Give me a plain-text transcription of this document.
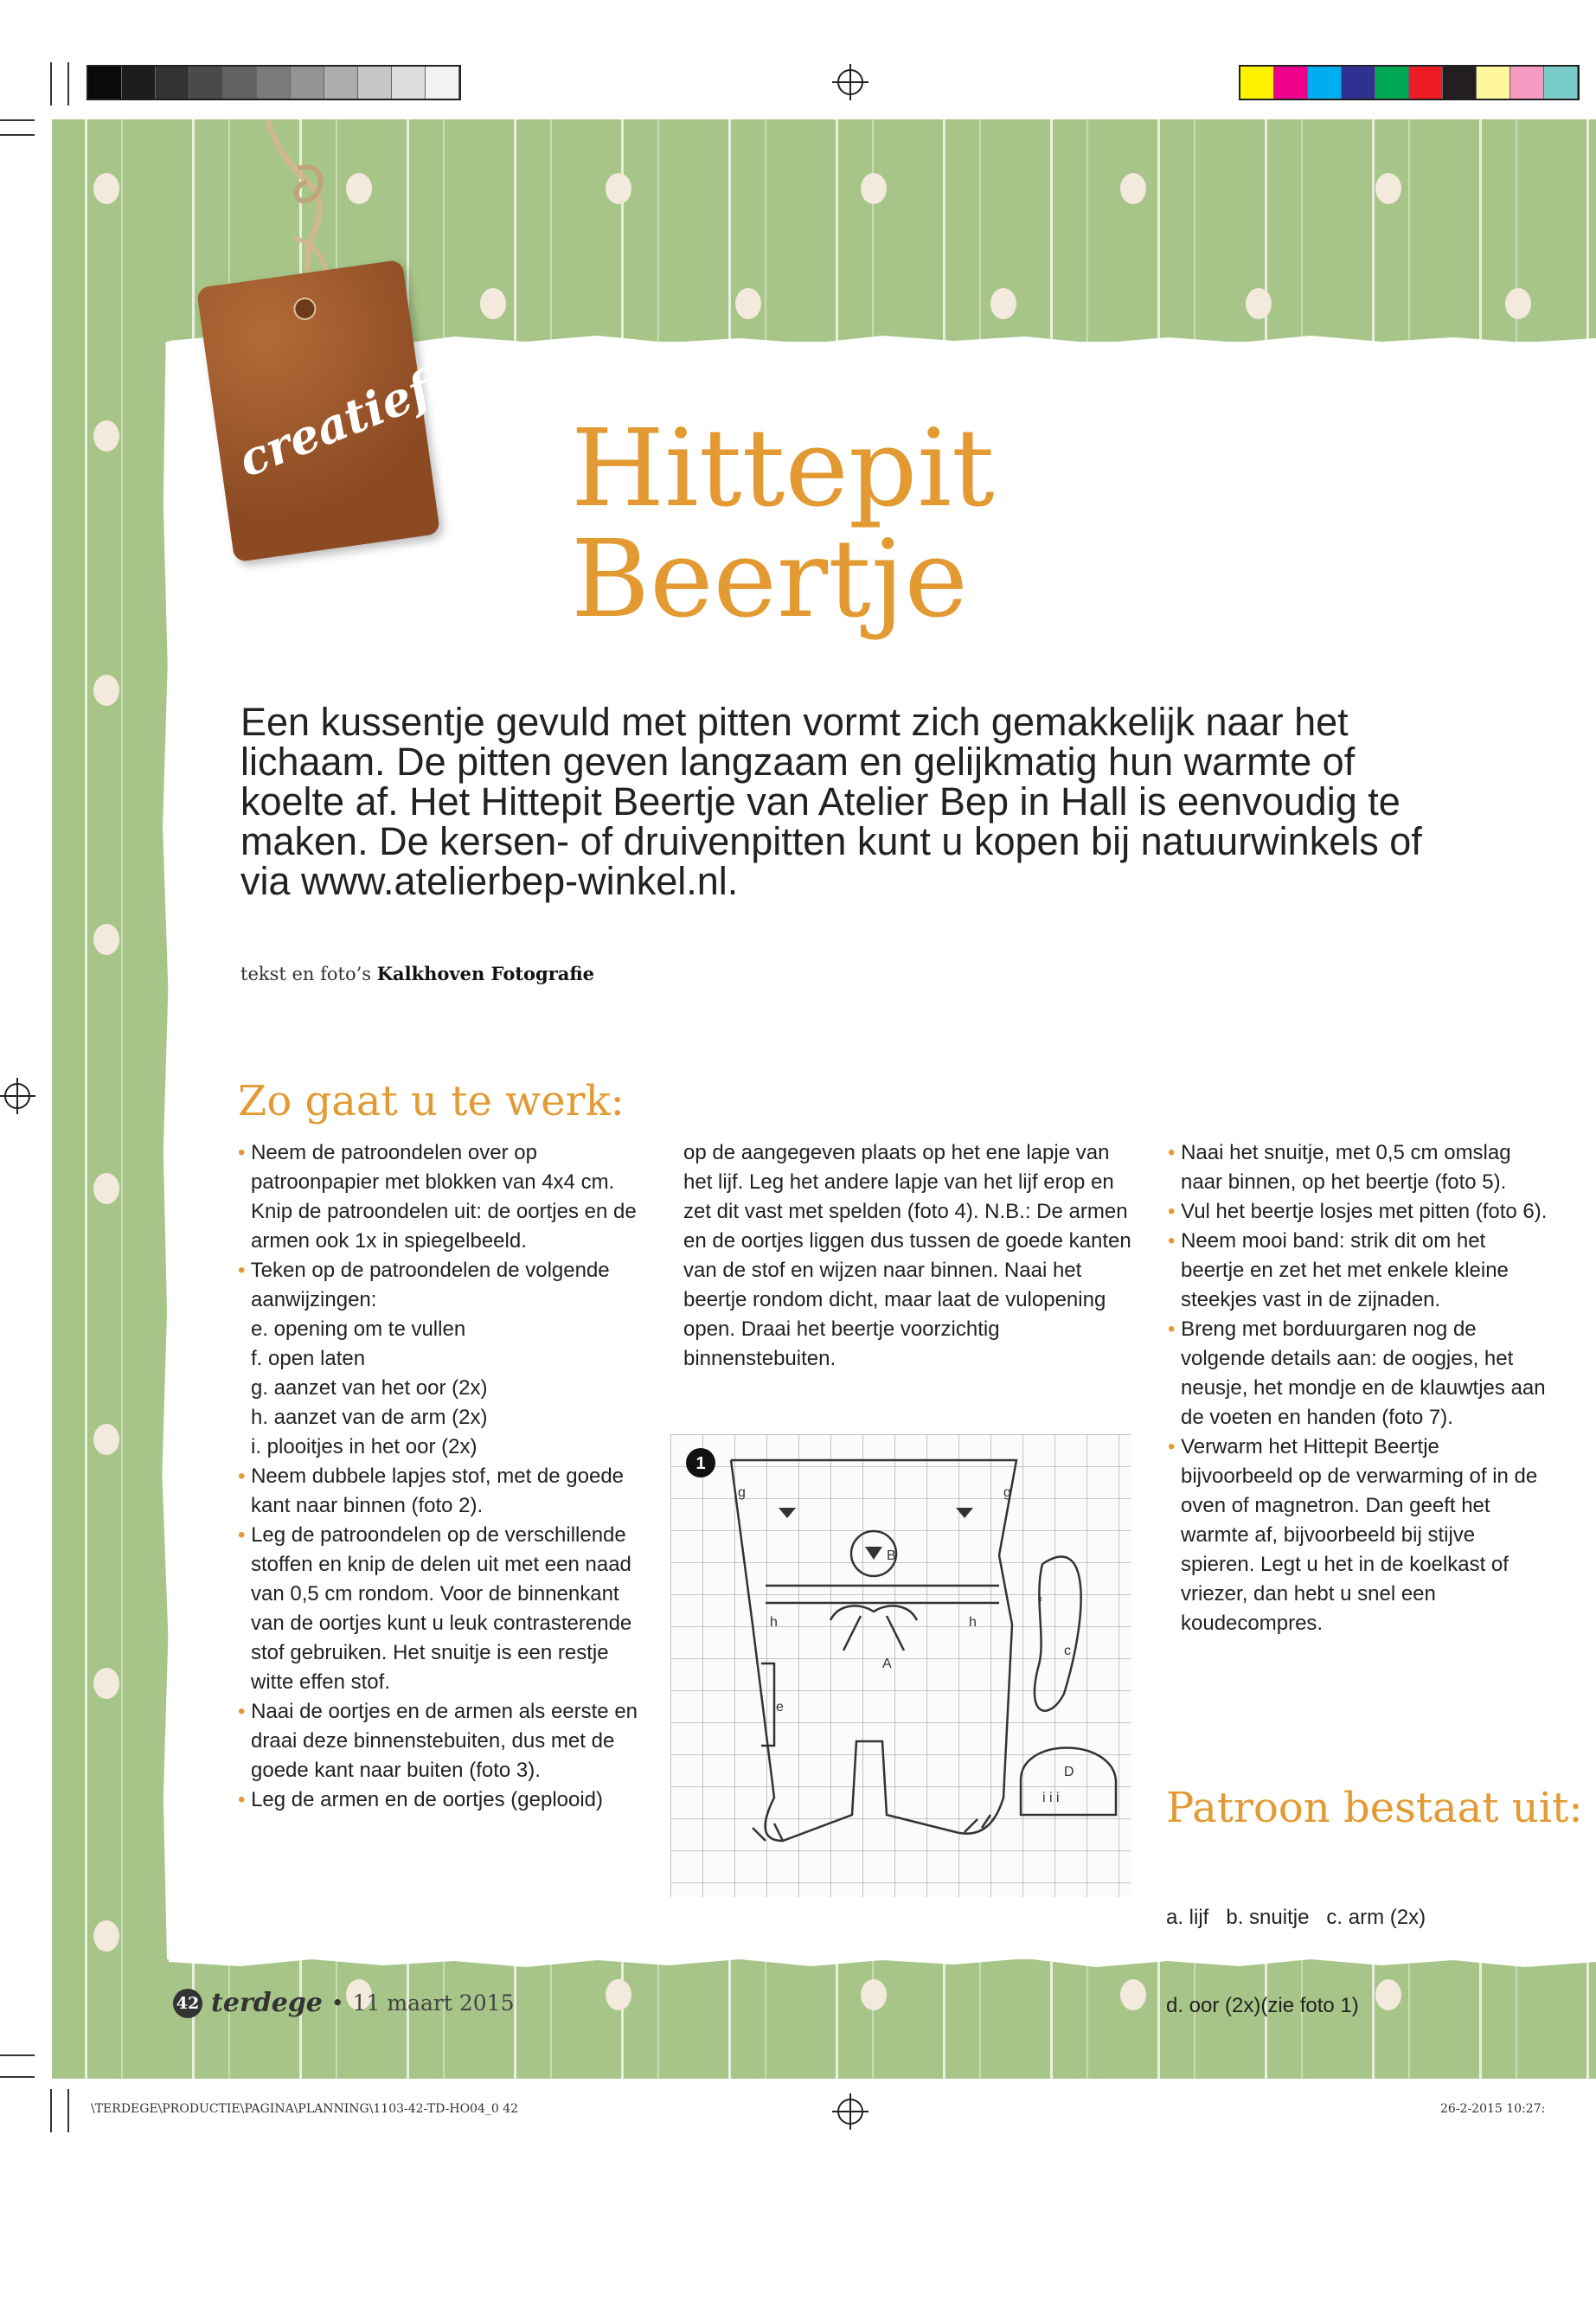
creatief Hittepit
Beertje

Een kussentje gevuld met pitten vormt zich gemakkelijk naar het lichaam. De pitten geven langzaam en gelijkmatig hun warmte of koelte af. Het Hittepit Beertje van Atelier Bep in Hall is eenvoudig te maken. De kersen- of druivenpitten kunt u kopen bij natuurwinkels of via www.atelierbep-winkel.nl.

tekst en foto’s Kalkhoven Fotografie
Zo gaat u te werk:

• Neem de patroondelen over op patroonpapier met blokken van 4x4 cm. Knip de patroondelen uit: de oortjes en de armen ook 1x in spiegelbeeld.

• Teken op de patroondelen de volgende aanwijzingen:

e. opening om te vullen

f. open laten

g. aanzet van het oor (2x)

h. aanzet van de arm (2x)

i. plooitjes in het oor (2x)

• Neem dubbele lapjes stof, met de goede kant naar binnen (foto 2).

• Leg de patroondelen op de verschillende stoffen en knip de delen uit met een naad van 0,5 cm rondom. Voor de binnenkant van de oortjes kunt u leuk contrasterende stof gebruiken. Het snuitje is een restje witte effen stof.

• Naai de oortjes en de armen als eerste en draai deze binnenstebuiten, dus met de goede kant naar buiten (foto 3).

• Leg de armen en de oortjes (geplooid)

op de aangegeven plaats op het ene lapje van het lijf. Leg het andere lapje van het lijf erop en zet dit vast met spelden (foto 4). N.B.: De armen en de oortjes liggen dus tussen de goede kanten van de stof en wijzen naar binnen. Naai het beertje rondom dicht, maar laat de vulopening open. Draai het beertje voorzichtig binnenstebuiten.

• Naai het snuitje, met 0,5 cm omslag naar binnen, op het beertje (foto 5).

• Vul het beertje losjes met pitten (foto 6).

• Neem mooi band: strik dit om het beertje en zet het met enkele kleine steekjes vast in de zijnaden.

• Breng met borduurgaren nog de volgende details aan: de oogjes, het neusje, het mondje en de klauwtjes aan de voeten en handen (foto 7).

• Verwarm het Hittepit Beertje bijvoorbeeld op de verwarming of in de oven of magnetron. Dan geeft het warmte af, bijvoorbeeld bij stijve spieren. Legt u het in de koelkast of vriezer, dan hebt u snel een koudecompres.

1
g	g
B
h	h
A
e
f
c
D
i i i	Patroon bestaat uit:

a. lijf   b. snuitje   c. arm (2x)

d. oor (2x)(zie foto 1)

42 terdege • 11 maart 2015
\TERDEGE\PRODUCTIE\PAGINA\PLANNING\1103-42-TD-HO04_0 42	26-2-2015 10:27:
